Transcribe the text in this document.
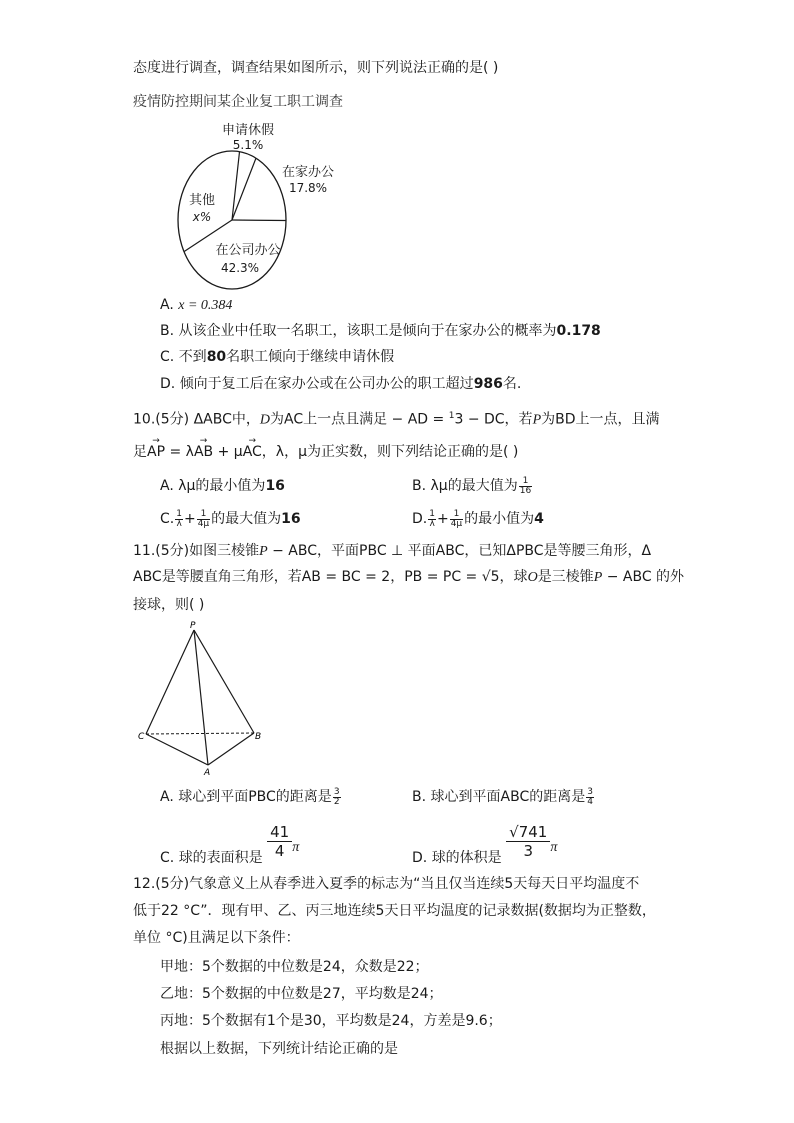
态度进行调查，调查结果如图所示，则下列说法正确的是( )
疫情防控期间某企业复工职工调查
申请休假
5.1%
在家办公
17.8%
在公司办公
42.3%
其他
x%
A. x = 0.384
B. 从该企业中任取一名职工，该职工是倾向于在家办公的概率为0.178
C. 不到80名职工倾向于继续申请休假
D. 倾向于复工后在家办公或在公司办公的职工超过986名.
10.(5分) ΔABC中，D为AC上一点且满足 − AD = $^1$3 − DC，若P为BD上一点，且满
足→ AP = λ→ AB + μ→ AC，λ，μ为正实数，则下列结论正确的是( )
A. λμ的最小值为16	B. λμ的最大值为 $\frac{1}{16}$
C. $\frac{1}{\lambda} + \frac{1}{4\mu}$ 的最大值为16	D. $\frac{1}{\lambda} + \frac{1}{4\mu}$ 的最小值为4
11.(5分)如图三棱锥P − ABC，平面PBC ⊥ 平面ABC，已知ΔPBC是等腰三角形，Δ
ABC是等腰直角三角形，若AB = BC = 2，PB = PC = √5，球O是三棱锥P − ABC 的外
接球，则( )
P
C	B
A
A. 球心到平面PBC的距离是 $\frac{3}{2}$	B. 球心到平面ABC的距离是 $\frac{3}{4}$
C. 球的表面积是 $\frac{41}{4}$ π
D. 球的体积是 $\frac{√741}{3}$ π
12.(5分)气象意义上从春季进入夏季的标志为“当且仅当连续5天每天日平均温度不
低于22 °C”．现有甲、乙、丙三地连续5天日平均温度的记录数据(数据均为正整数，
单位 °C)且满足以下条件：
甲地：5个数据的中位数是24，众数是22；
乙地：5个数据的中位数是27，平均数是24；
丙地：5个数据有1个是30，平均数是24，方差是9.6；
根据以上数据，下列统计结论正确的是
